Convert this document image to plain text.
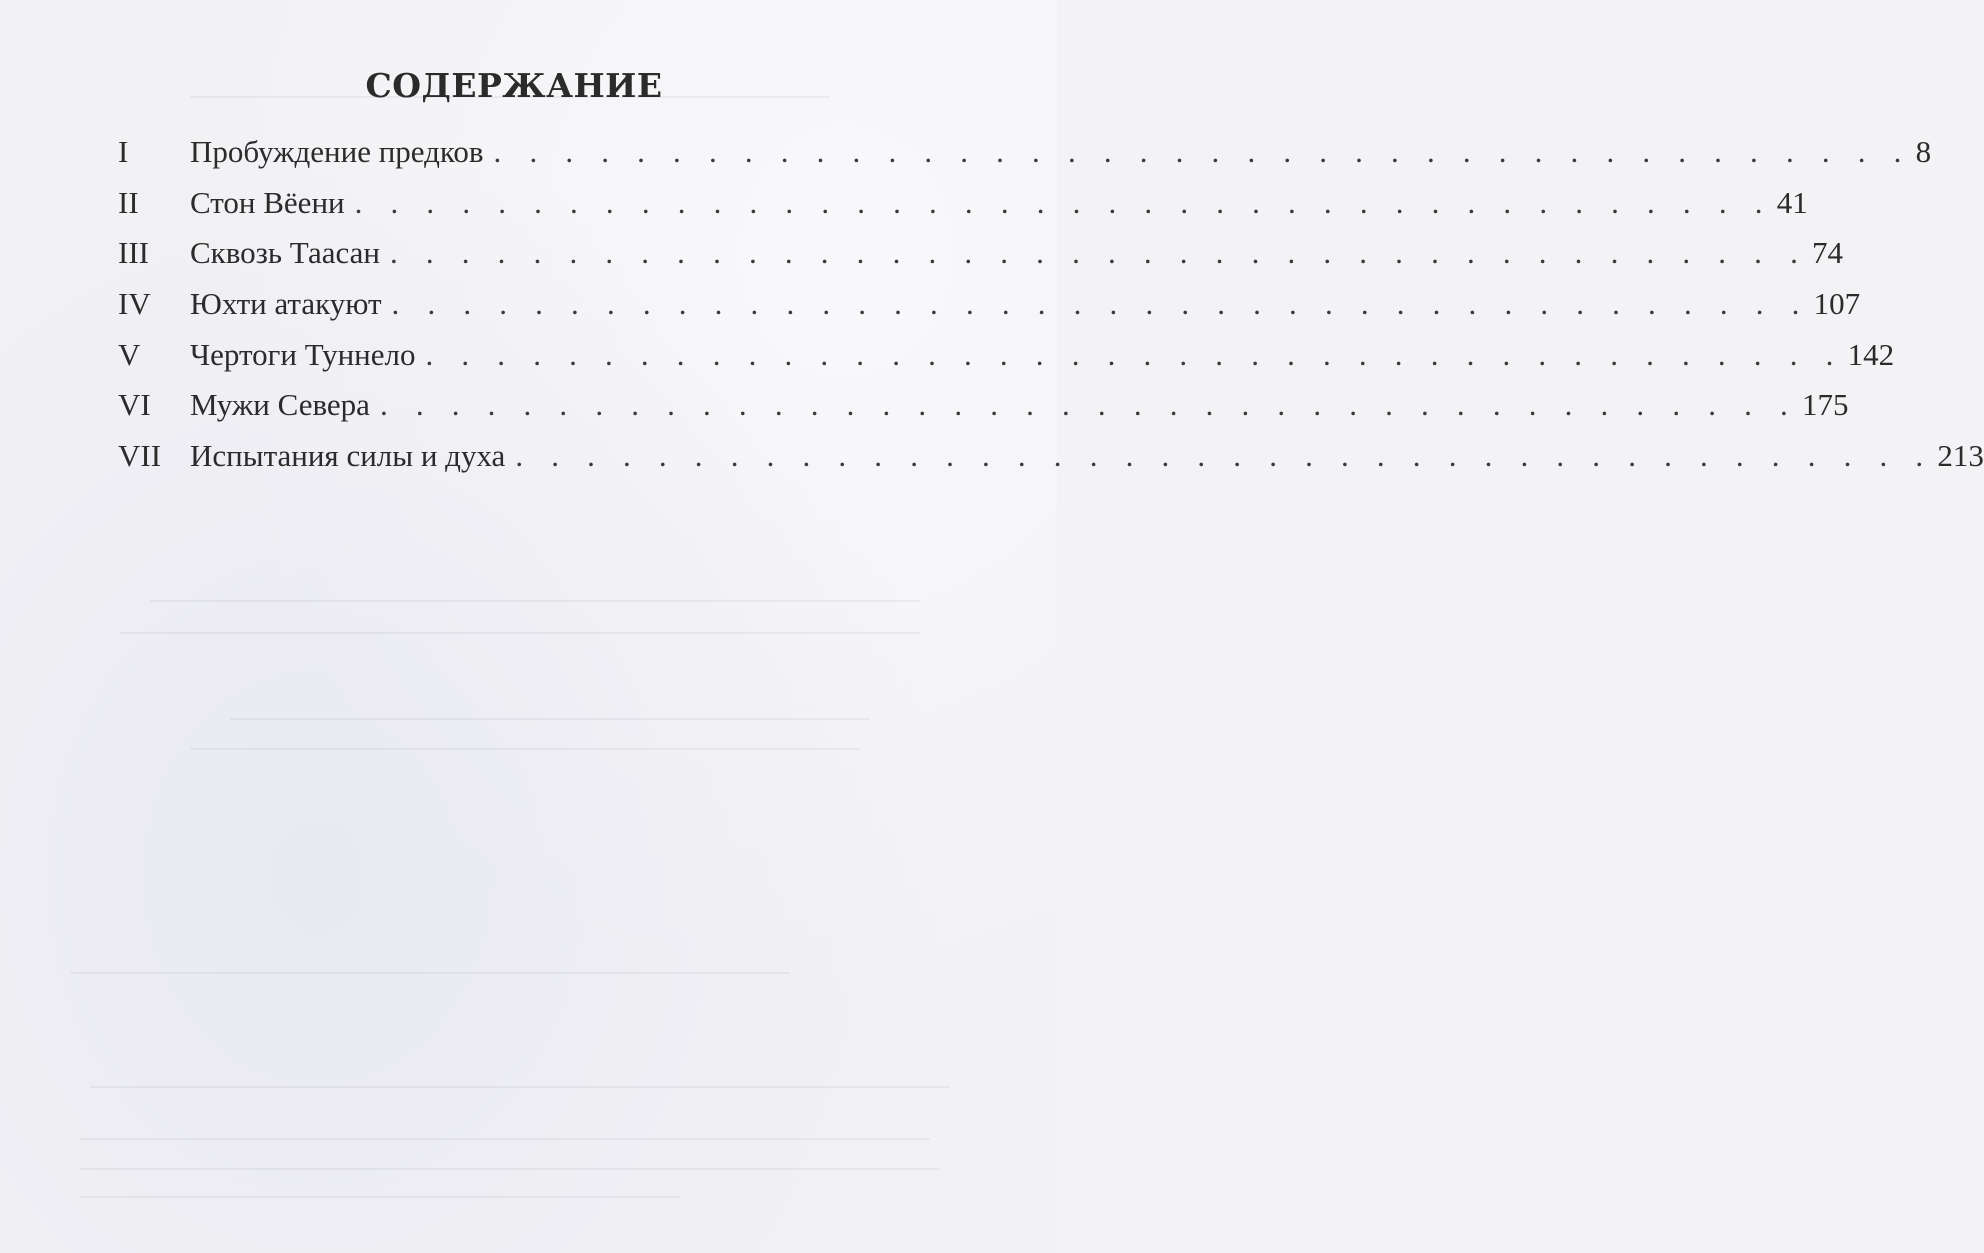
СОДЕРЖАНИЕ
I	Пробуждение предков . . . . . . . . . . . . . . . . . . . . . . . . . . . . . . . . . . . . . . . . 8
II	Стон Вёени . . . . . . . . . . . . . . . . . . . . . . . . . . . . . . . . . . . . . . . . 41
III	Сквозь Таасан . . . . . . . . . . . . . . . . . . . . . . . . . . . . . . . . . . . . . . . . 74
IV	Юхти атакуют . . . . . . . . . . . . . . . . . . . . . . . . . . . . . . . . . . . . . . . . 107
V	Чертоги Туннело . . . . . . . . . . . . . . . . . . . . . . . . . . . . . . . . . . . . . . . . 142
VI	Мужи Севера . . . . . . . . . . . . . . . . . . . . . . . . . . . . . . . . . . . . . . . . 175
VII Испытания силы и духа . . . . . . . . . . . . . . . . . . . . . . . . . . . . . . . . . . . . . . . . 213
